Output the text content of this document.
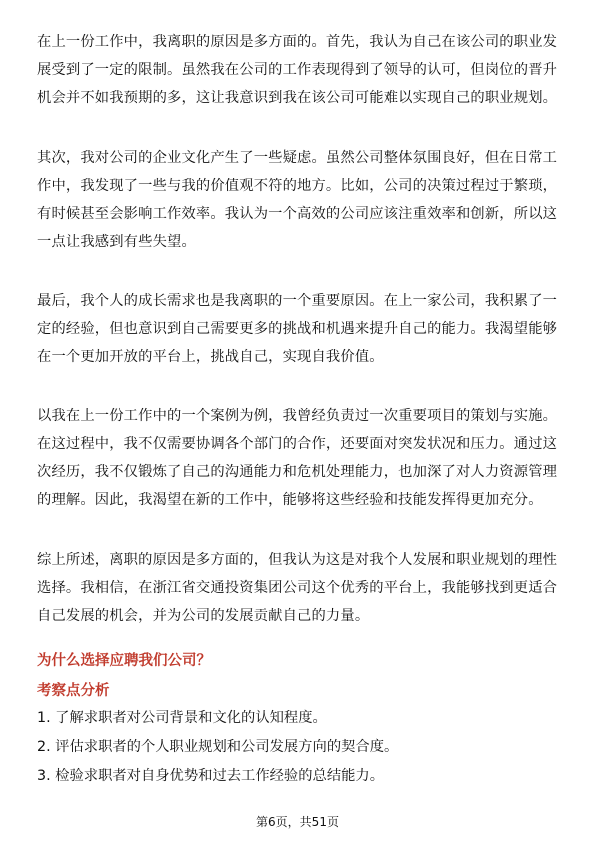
在上一份工作中，我离职的原因是多方面的。首先，我认为自己在该公司的职业发
展受到了一定的限制。虽然我在公司的工作表现得到了领导的认可，但岗位的晋升
机会并不如我预期的多，这让我意识到我在该公司可能难以实现自己的职业规划。
其次，我对公司的企业文化产生了一些疑虑。虽然公司整体氛围良好，但在日常工
作中，我发现了一些与我的价值观不符的地方。比如，公司的决策过程过于繁琐，
有时候甚至会影响工作效率。我认为一个高效的公司应该注重效率和创新，所以这
一点让我感到有些失望。
最后，我个人的成长需求也是我离职的一个重要原因。在上一家公司，我积累了一
定的经验，但也意识到自己需要更多的挑战和机遇来提升自己的能力。我渴望能够
在一个更加开放的平台上，挑战自己，实现自我价值。
以我在上一份工作中的一个案例为例，我曾经负责过一次重要项目的策划与实施。
在这过程中，我不仅需要协调各个部门的合作，还要面对突发状况和压力。通过这
次经历，我不仅锻炼了自己的沟通能力和危机处理能力，也加深了对人力资源管理
的理解。因此，我渴望在新的工作中，能够将这些经验和技能发挥得更加充分。
综上所述，离职的原因是多方面的，但我认为这是对我个人发展和职业规划的理性
选择。我相信，在浙江省交通投资集团公司这个优秀的平台上，我能够找到更适合
自己发展的机会，并为公司的发展贡献自己的力量。
为什么选择应聘我们公司？
考察点分析
1. 了解求职者对公司背景和文化的认知程度。
2. 评估求职者的个人职业规划和公司发展方向的契合度。
3. 检验求职者对自身优势和过去工作经验的总结能力。
第6页，共51页
